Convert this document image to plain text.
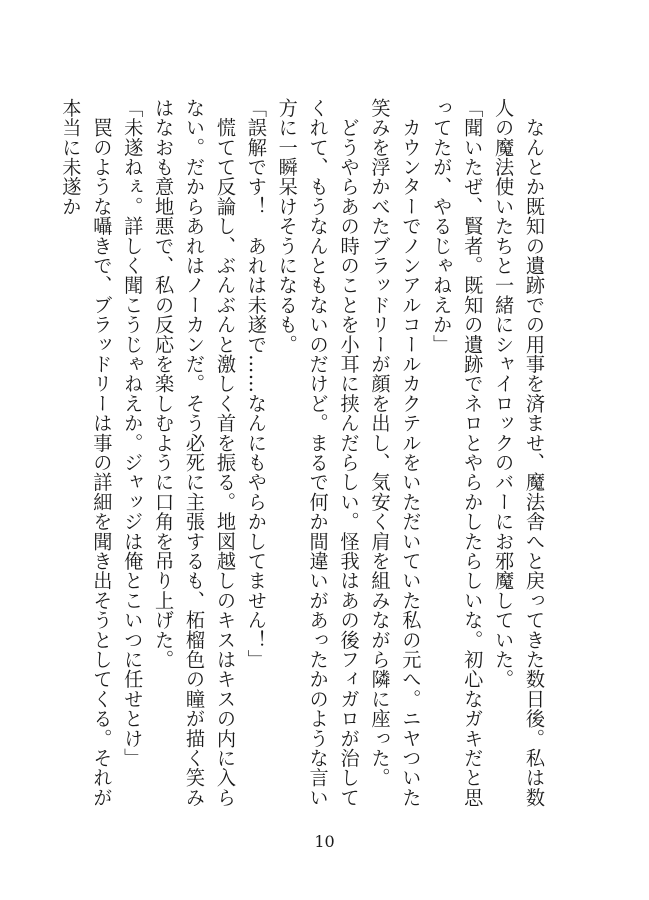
　なんとか既知の遺跡での用事を済ませ、魔法舎へと戻ってきた数日後。私は数人の魔法使いたちと一緒にシャイロックのバーにお邪魔していた。

「聞いたぜ、賢者。既知の遺跡でネロとやらかしたらしいな。初心なガキだと思ってたが、やるじゃねえか」

　カウンターでノンアルコールカクテルをいただいていた私の元へ。ニヤついた笑みを浮かべたブラッドリーが顔を出し、気安く肩を組みながら隣に座った。

　どうやらあの時のことを小耳に挟んだらしい。怪我はあの後フィガロが治してくれて、もうなんともないのだけど。まるで何か間違いがあったかのような言い方に一瞬呆けそうになるも。

「誤解です！　あれは未遂で……なんにもやらかしてません！」

　慌てて反論し、ぶんぶんと激しく首を振る。地図越しのキスはキスの内に入らない。だからあれはノーカンだ。そう必死に主張するも、柘榴色の瞳が描く笑みはなおも意地悪で、私の反応を楽しむように口角を吊り上げた。

「未遂ねぇ。詳しく聞こうじゃねえか。ジャッジは俺とこいつに任せとけ」

　罠のような囁きで、ブラッドリーは事の詳細を聞き出そうとしてくる。それが本当に未遂か

10
